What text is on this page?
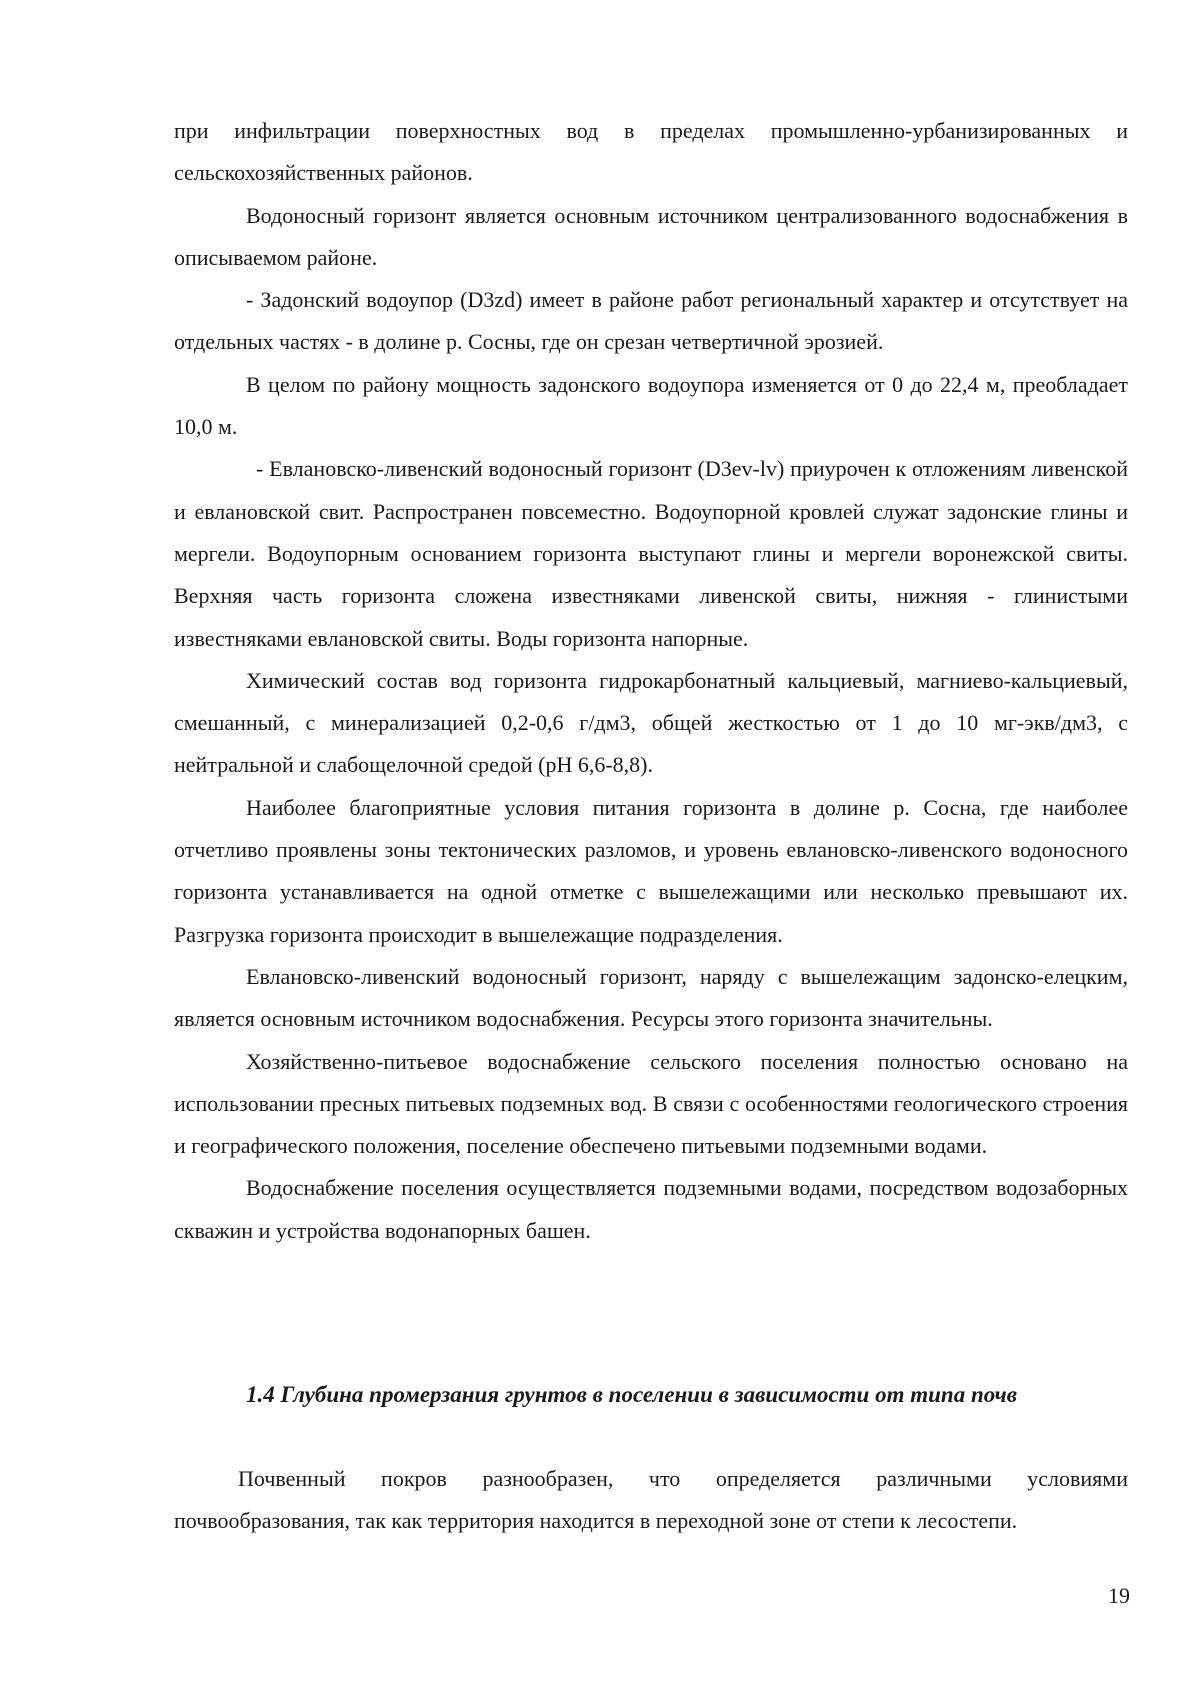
при инфильтрации поверхностных вод в пределах промышленно-урбанизированных и сельскохозяйственных районов.

Водоносный горизонт является основным источником централизованного водоснабжения в описываемом районе.

- Задонский водоупор (D3zd) имеет в районе работ региональный характер и отсутствует на отдельных частях - в долине р. Сосны, где он срезан четвертичной эрозией.

В целом по району мощность задонского водоупора изменяется от 0 до 22,4 м, преобладает 10,0 м.

- Евлановско-ливенский водоносный горизонт (D3ev-lv) приурочен к отложениям ливенской и евлановской свит. Распространен повсеместно. Водоупорной кровлей служат задонские глины и мергели. Водоупорным основанием горизонта выступают глины и мергели воронежской свиты. Верхняя часть горизонта сложена известняками ливенской свиты, нижняя - глинистыми известняками евлановской свиты. Воды горизонта напорные.

Химический состав вод горизонта гидрокарбонатный кальциевый, магниево-кальциевый, смешанный, с минерализацией 0,2-0,6 г/дм3, общей жесткостью от 1 до 10 мг-экв/дм3, с нейтральной и слабощелочной средой (рН 6,6-8,8).

Наиболее благоприятные условия питания горизонта в долине р. Сосна, где наиболее отчетливо проявлены зоны тектонических разломов, и уровень евлановско-ливенского водоносного горизонта устанавливается на одной отметке с вышележащими или несколько превышают их. Разгрузка горизонта происходит в вышележащие подразделения.

Евлановско-ливенский водоносный горизонт, наряду с вышележащим задонско-елецким, является основным источником водоснабжения. Ресурсы этого горизонта значительны.

Хозяйственно-питьевое водоснабжение сельского поселения полностью основано на использовании пресных питьевых подземных вод. В связи с особенностями геологического строения и географического положения, поселение обеспечено питьевыми подземными водами.

Водоснабжение поселения осуществляется подземными водами, посредством водозаборных скважин и устройства водонапорных башен.

1.4 Глубина промерзания грунтов в поселении в зависимости от типа почв

Почвенный покров разнообразен, что определяется различными условиями почвообразования, так как территория находится в переходной зоне от степи к лесостепи.

19
